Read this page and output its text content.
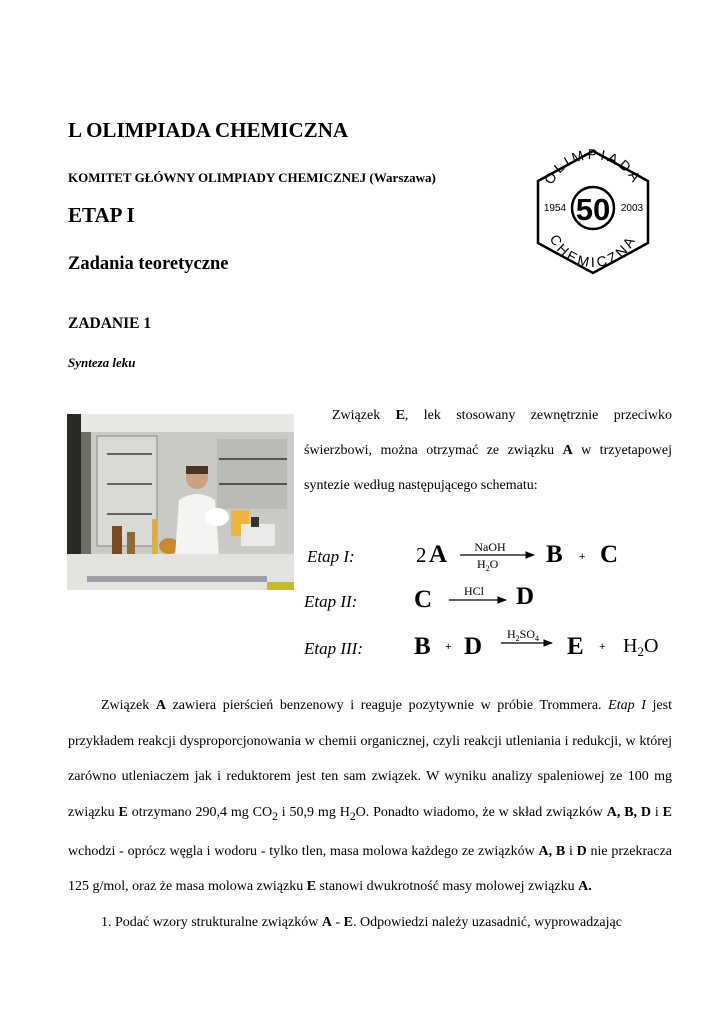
L OLIMPIADA CHEMICZNA
KOMITET GŁÓWNY OLIMPIADY CHEMICZNEJ (Warszawa)
ETAP I
Zadania teoretyczne
OLIMPIADA
CHEMICZNA
50
1954	2003
ZADANIE 1
Synteza leku
Związek E, lek stosowany zewnętrznie przeciwko świerzbowi, można otrzymać ze związku A w trzyetapowej syntezie według następującego schematu:
Etap I:	2 A NaOH
$H_2O$ B + C
Etap II: C	HCl D
Etap III: B + D $H_2SO_4$ $E + H_2O$

Związek A zawiera pierścień benzenowy i reaguje pozytywnie w próbie Trommera. Etap I jest przykładem reakcji dysproporcjonowania w chemii organicznej, czyli reakcji utleniania i redukcji, w której zarówno utleniaczem jak i reduktorem jest ten sam związek. W wyniku analizy spaleniowej ze 100 mg związku E otrzymano 290,4 mg $CO_2$ i 50,9 mg $H_2O$. Ponadto wiadomo, że w skład związków A, B, D i E wchodzi - oprócz węgla i wodoru - tylko tlen, masa molowa każdego ze związków A, B i D nie przekracza 125 g/mol, oraz że masa molowa związku E stanowi dwukrotność masy molowej związku A.

1. Podać wzory strukturalne związków A - E. Odpowiedzi należy uzasadnić, wyprowadzając
